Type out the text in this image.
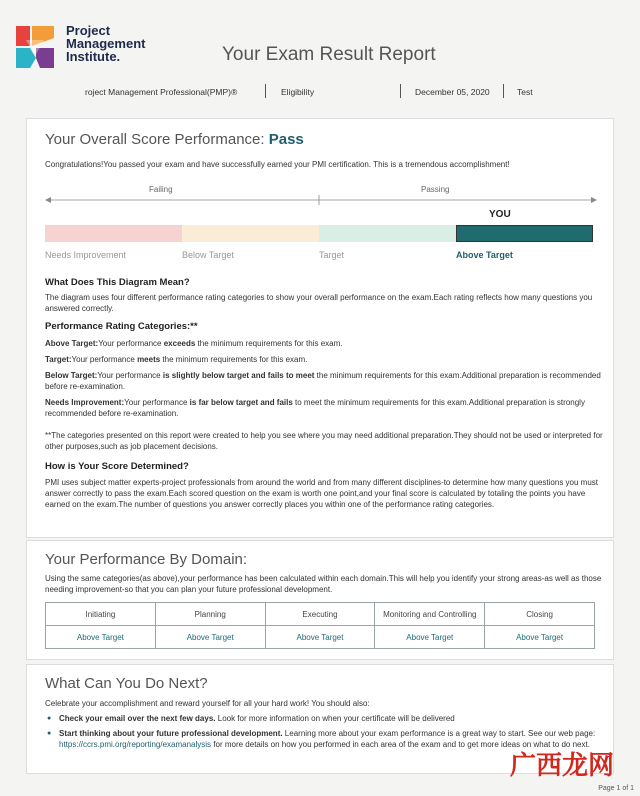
Project
Management
Institute.	Your Exam Result Report
roject Management Professional(PMP)®	Eligibility	December 05, 2020	Test
Your Overall Score Performance: Pass
Congratulations!You passed your exam and have successfully earned your PMI certification. This is a tremendous accomplishment!
Failing	Passing
YOU
Needs Improvement	Below Target	Target	Above Target
What Does This Diagram Mean?
The diagram uses four different performance rating categories to show your overall performance on the exam.Each rating reflects how many questions you answered correctly.
Performance Rating Categories:**
Above Target:Your performance exceeds the minimum requirements for this exam.
Target:Your performance meets the minimum requirements for this exam.
Below Target:Your performance is slightly below target and fails to meet the minimum requirements for this exam.Additional preparation is recommended before re-examination.
Needs Improvement:Your performance is far below target and fails to meet the minimum requirements for this exam.Additional preparation is strongly recommended before re-examination.
**The categories presented on this report were created to help you see where you may need additional preparation.They should not be used or interpreted for other purposes,such as job placement decisions.
How is Your Score Determined?
PMI uses subject matter experts-project professionals from around the world and from many different disciplines-to determine how many questions you must answer correctly to pass the exam.Each scored question on the exam is worth one point,and your final score is calculated by totaling the points you have earned on the exam.The number of questions you answer correctly places you within one of the performance rating categories.
Your Performance By Domain:
Using the same categories(as above),your performance has been calculated within each domain.This will help you identify your strong areas-as well as those needing improvement-so that you can plan your future professional development.
Initiating	Planning	Executing	Monitoring and Controlling	Closing
Above Target	Above Target	Above Target	Above Target	Above Target
What Can You Do Next?
Celebrate your accomplishment and reward yourself for all your hard work! You should also:
● Check your email over the next few days. Look for more information on when your certificate will be delivered
● Start thinking about your future professional development. Learning more about your exam performance is a great way to start. See our web page: https://ccrs.pmi.org/reporting/examanalysis for more details on how you performed in each area of the exam and to get more ideas on what to do next.
广西龙网
Page 1 of 1
